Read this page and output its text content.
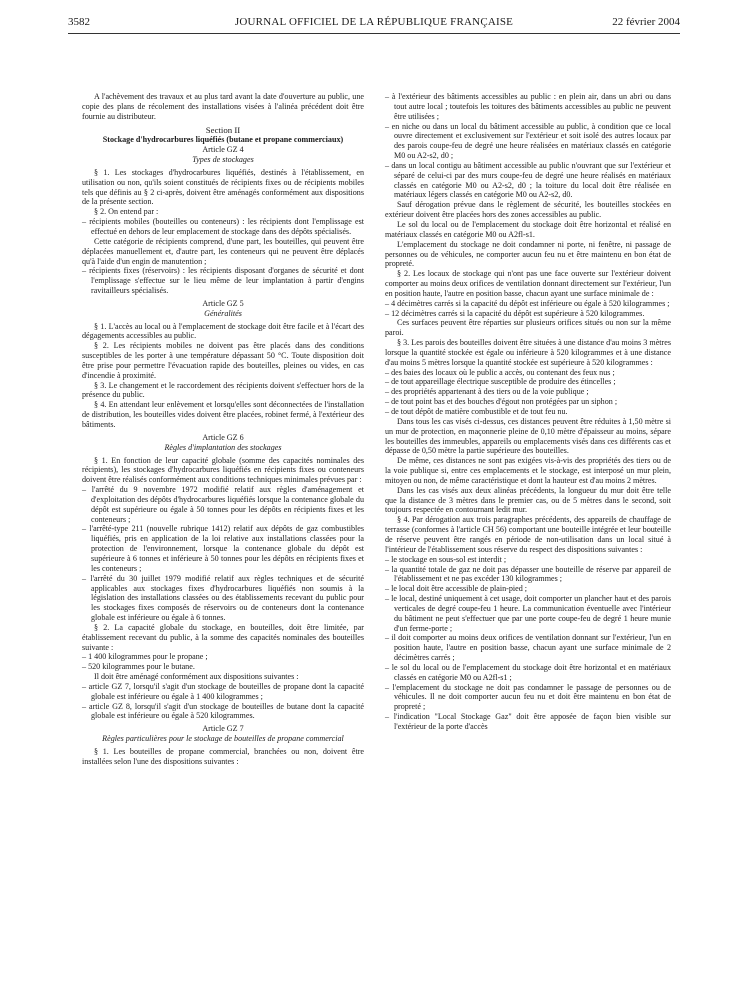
3582	JOURNAL OFFICIEL DE LA RÉPUBLIQUE FRANÇAISE	22 février 2004

A l'achèvement des travaux et au plus tard avant la date d'ouverture au public, une copie des plans de récolement des installations visées à l'alinéa précédent doit être fournie au distributeur.

Section II

Stockage d'hydrocarbures liquéfiés (butane et propane commerciaux)

Article GZ 4

Types de stockages

§ 1. Les stockages d'hydrocarbures liquéfiés, destinés à l'établissement, en utilisation ou non, qu'ils soient constitués de récipients fixes ou de récipients mobiles tels que définis au § 2 ci-après, doivent être aménagés conformément aux dispositions de la présente section.

§ 2. On entend par :

– récipients mobiles (bouteilles ou conteneurs) : les récipients dont l'emplissage est effectué en dehors de leur emplacement de stockage dans des dépôts spécialisés.

Cette catégorie de récipients comprend, d'une part, les bouteilles, qui peuvent être déplacées manuellement et, d'autre part, les conteneurs qui ne peuvent être déplacés qu'à l'aide d'un engin de manutention ;

– récipients fixes (réservoirs) : les récipients disposant d'organes de sécurité et dont l'emplissage s'effectue sur le lieu même de leur implantation à partir d'engins ravitailleurs spécialisés.

Article GZ 5

Généralités

§ 1. L'accès au local ou à l'emplacement de stockage doit être facile et à l'écart des dégagements accessibles au public.

§ 2. Les récipients mobiles ne doivent pas être placés dans des conditions susceptibles de les porter à une température dépassant 50 °C. Toute disposition doit être prise pour permettre l'évacuation rapide des bouteilles, pleines ou vides, en cas d'incendie à proximité.

§ 3. Le changement et le raccordement des récipients doivent s'effectuer hors de la présence du public.

§ 4. En attendant leur enlèvement et lorsqu'elles sont déconnectées de l'installation de distribution, les bouteilles vides doivent être placées, robinet fermé, à l'extérieur des bâtiments.

Article GZ 6

Règles d'implantation des stockages

§ 1. En fonction de leur capacité globale (somme des capacités nominales des récipients), les stockages d'hydrocarbures liquéfiés en récipients fixes ou conteneurs doivent être réalisés conformément aux conditions techniques minimales prévues par :

– l'arrêté du 9 novembre 1972 modifié relatif aux règles d'aménagement et d'exploitation des dépôts d'hydrocarbures liquéfiés lorsque la contenance globale du dépôt est supérieure ou égale à 50 tonnes pour les dépôts en récipients fixes et les conteneurs ;

– l'arrêté-type 211 (nouvelle rubrique 1412) relatif aux dépôts de gaz combustibles liquéfiés, pris en application de la loi relative aux installations classées pour la protection de l'environnement, lorsque la contenance globale du dépôt est supérieure à 6 tonnes et inférieure à 50 tonnes pour les dépôts en récipients fixes et les conteneurs ;

– l'arrêté du 30 juillet 1979 modifié relatif aux règles techniques et de sécurité applicables aux stockages fixes d'hydrocarbures liquéfiés non soumis à la législation des installations classées ou des établissements recevant du public pour les stockages fixes composés de réservoirs ou de conteneurs dont la contenance globale est inférieure ou égale à 6 tonnes.

§ 2. La capacité globale du stockage, en bouteilles, doit être limitée, par établissement recevant du public, à la somme des capacités nominales des bouteilles suivante :

– 1 400 kilogrammes pour le propane ;

– 520 kilogrammes pour le butane.

Il doit être aménagé conformément aux dispositions suivantes :

– article GZ 7, lorsqu'il s'agit d'un stockage de bouteilles de propane dont la capacité globale est inférieure ou égale à 1 400 kilogrammes ;

– article GZ 8, lorsqu'il s'agit d'un stockage de bouteilles de butane dont la capacité globale est inférieure ou égale à 520 kilogrammes.

Article GZ 7

Règles particulières pour le stockage de bouteilles de propane commercial

§ 1. Les bouteilles de propane commercial, branchées ou non, doivent être installées selon l'une des dispositions suivantes :

– à l'extérieur des bâtiments accessibles au public : en plein air, dans un abri ou dans tout autre local ; toutefois les toitures des bâtiments accessibles au public ne peuvent être utilisées ;

– en niche ou dans un local du bâtiment accessible au public, à condition que ce local ouvre directement et exclusivement sur l'extérieur et soit isolé des autres locaux par des parois coupe-feu de degré une heure réalisées en matériaux classés en catégorie M0 ou A2-s2, d0 ;

– dans un local contigu au bâtiment accessible au public n'ouvrant que sur l'extérieur et séparé de celui-ci par des murs coupe-feu de degré une heure réalisés en matériaux classés en catégorie M0 ou A2-s2, d0 ; la toiture du local doit être réalisée en matériaux légers classés en catégorie M0 ou A2-s2, d0.

Sauf dérogation prévue dans le règlement de sécurité, les bouteilles stockées en extérieur doivent être placées hors des zones accessibles au public.

Le sol du local ou de l'emplacement du stockage doit être horizontal et réalisé en matériaux classés en catégorie M0 ou A2fl-s1.

L'emplacement du stockage ne doit condamner ni porte, ni fenêtre, ni passage de personnes ou de véhicules, ne comporter aucun feu nu et être maintenu en bon état de propreté.

§ 2. Les locaux de stockage qui n'ont pas une face ouverte sur l'extérieur doivent comporter au moins deux orifices de ventilation donnant directement sur l'extérieur, l'un en position haute, l'autre en position basse, chacun ayant une surface minimale de :

– 4 décimètres carrés si la capacité du dépôt est inférieure ou égale à 520 kilogrammes ;

– 12 décimètres carrés si la capacité du dépôt est supérieure à 520 kilogrammes.

Ces surfaces peuvent être réparties sur plusieurs orifices situés ou non sur la même paroi.

§ 3. Les parois des bouteilles doivent être situées à une distance d'au moins 3 mètres lorsque la quantité stockée est égale ou inférieure à 520 kilogrammes et à une distance d'au moins 5 mètres lorsque la quantité stockée est supérieure à 520 kilogrammes :

– des baies des locaux où le public a accès, ou contenant des feux nus ;

– de tout appareillage électrique susceptible de produire des étincelles ;

– des propriétés appartenant à des tiers ou de la voie publique ;

– de tout point bas et des bouches d'égout non protégées par un siphon ;

– de tout dépôt de matière combustible et de tout feu nu.

Dans tous les cas visés ci-dessus, ces distances peuvent être réduites à 1,50 mètre si un mur de protection, en maçonnerie pleine de 0,10 mètre d'épaisseur au moins, sépare les bouteilles des immeubles, appareils ou emplacements visés dans ces différents cas et dépasse de 0,50 mètre la partie supérieure des bouteilles.

De même, ces distances ne sont pas exigées vis-à-vis des propriétés des tiers ou de la voie publique si, entre ces emplacements et le stockage, est interposé un mur plein, mitoyen ou non, de même caractéristique et dont la hauteur est d'au moins 2 mètres.

Dans les cas visés aux deux alinéas précédents, la longueur du mur doit être telle que la distance de 3 mètres dans le premier cas, ou de 5 mètres dans le second, soit toujours respectée en contournant ledit mur.

§ 4. Par dérogation aux trois paragraphes précédents, des appareils de chauffage de terrasse (conformes à l'article CH 56) comportant une bouteille intégrée et leur bouteille de réserve peuvent être rangés en période de non-utilisation dans un local situé à l'intérieur de l'établissement sous réserve du respect des dispositions suivantes :

– le stockage en sous-sol est interdit ;

– la quantité totale de gaz ne doit pas dépasser une bouteille de réserve par appareil de l'établissement et ne pas excéder 130 kilogrammes ;

– le local doit être accessible de plain-pied ;

– le local, destiné uniquement à cet usage, doit comporter un plancher haut et des parois verticales de degré coupe-feu 1 heure. La communication éventuelle avec l'intérieur du bâtiment ne peut s'effectuer que par une porte coupe-feu de degré 1 heure munie d'un ferme-porte ;

– il doit comporter au moins deux orifices de ventilation donnant sur l'extérieur, l'un en position haute, l'autre en position basse, chacun ayant une surface minimale de 2 décimètres carrés ;

– le sol du local ou de l'emplacement du stockage doit être horizontal et en matériaux classés en catégorie M0 ou A2fl-s1 ;

– l'emplacement du stockage ne doit pas condamner le passage de personnes ou de véhicules. Il ne doit comporter aucun feu nu et doit être maintenu en bon état de propreté ;

– l'indication "Local Stockage Gaz" doit être apposée de façon bien visible sur l'extérieur de la porte d'accès
